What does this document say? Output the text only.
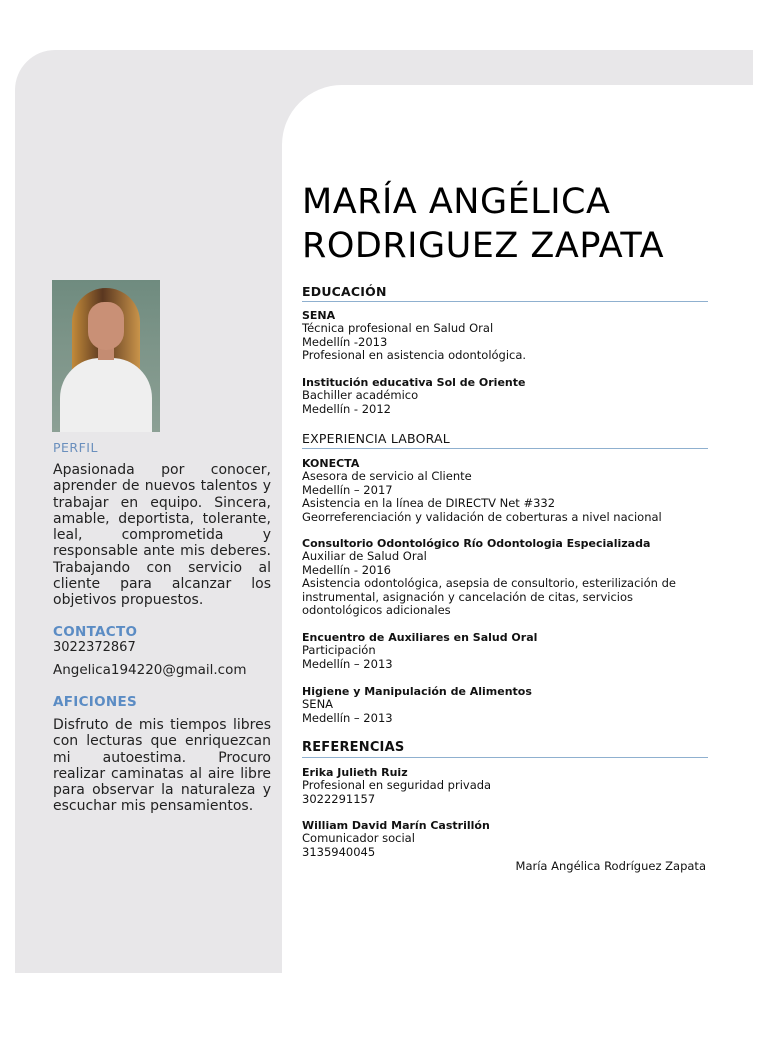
PERFIL
Apasionada por conocer, aprender de nuevos talentos y trabajar en equipo. Sincera, amable, deportista, tolerante, leal, comprometida y responsable ante mis deberes. Trabajando con servicio al cliente para alcanzar los objetivos propuestos.
CONTACTO
3022372867
Angelica194220@gmail.com
AFICIONES
Disfruto de mis tiempos libres con lecturas que enriquezcan mi autoestima. Procuro realizar caminatas al aire libre para observar la naturaleza y escuchar mis pensamientos.
MARÍA ANGÉLICA
RODRIGUEZ ZAPATA
EDUCACIÓN
SENA
Técnica profesional en Salud Oral
Medellín -2013
Profesional en asistencia odontológica.
Institución educativa Sol de Oriente
Bachiller académico
Medellín - 2012
EXPERIENCIA LABORAL
KONECTA
Asesora de servicio al Cliente
Medellín – 2017
Asistencia en la línea de DIRECTV Net #332
Georreferenciación y validación de coberturas a nivel nacional
Consultorio Odontológico Río Odontologia Especializada
Auxiliar de Salud Oral
Medellín - 2016
Asistencia odontológica, asepsia de consultorio, esterilización de
instrumental, asignación y cancelación de citas, servicios
odontológicos adicionales
Encuentro de Auxiliares en Salud Oral
Participación
Medellín – 2013
Higiene y Manipulación de Alimentos
SENA
Medellín – 2013
REFERENCIAS
Erika Julieth Ruiz
Profesional en seguridad privada
3022291157
William David Marín Castrillón
Comunicador social
3135940045
María Angélica Rodríguez Zapata
